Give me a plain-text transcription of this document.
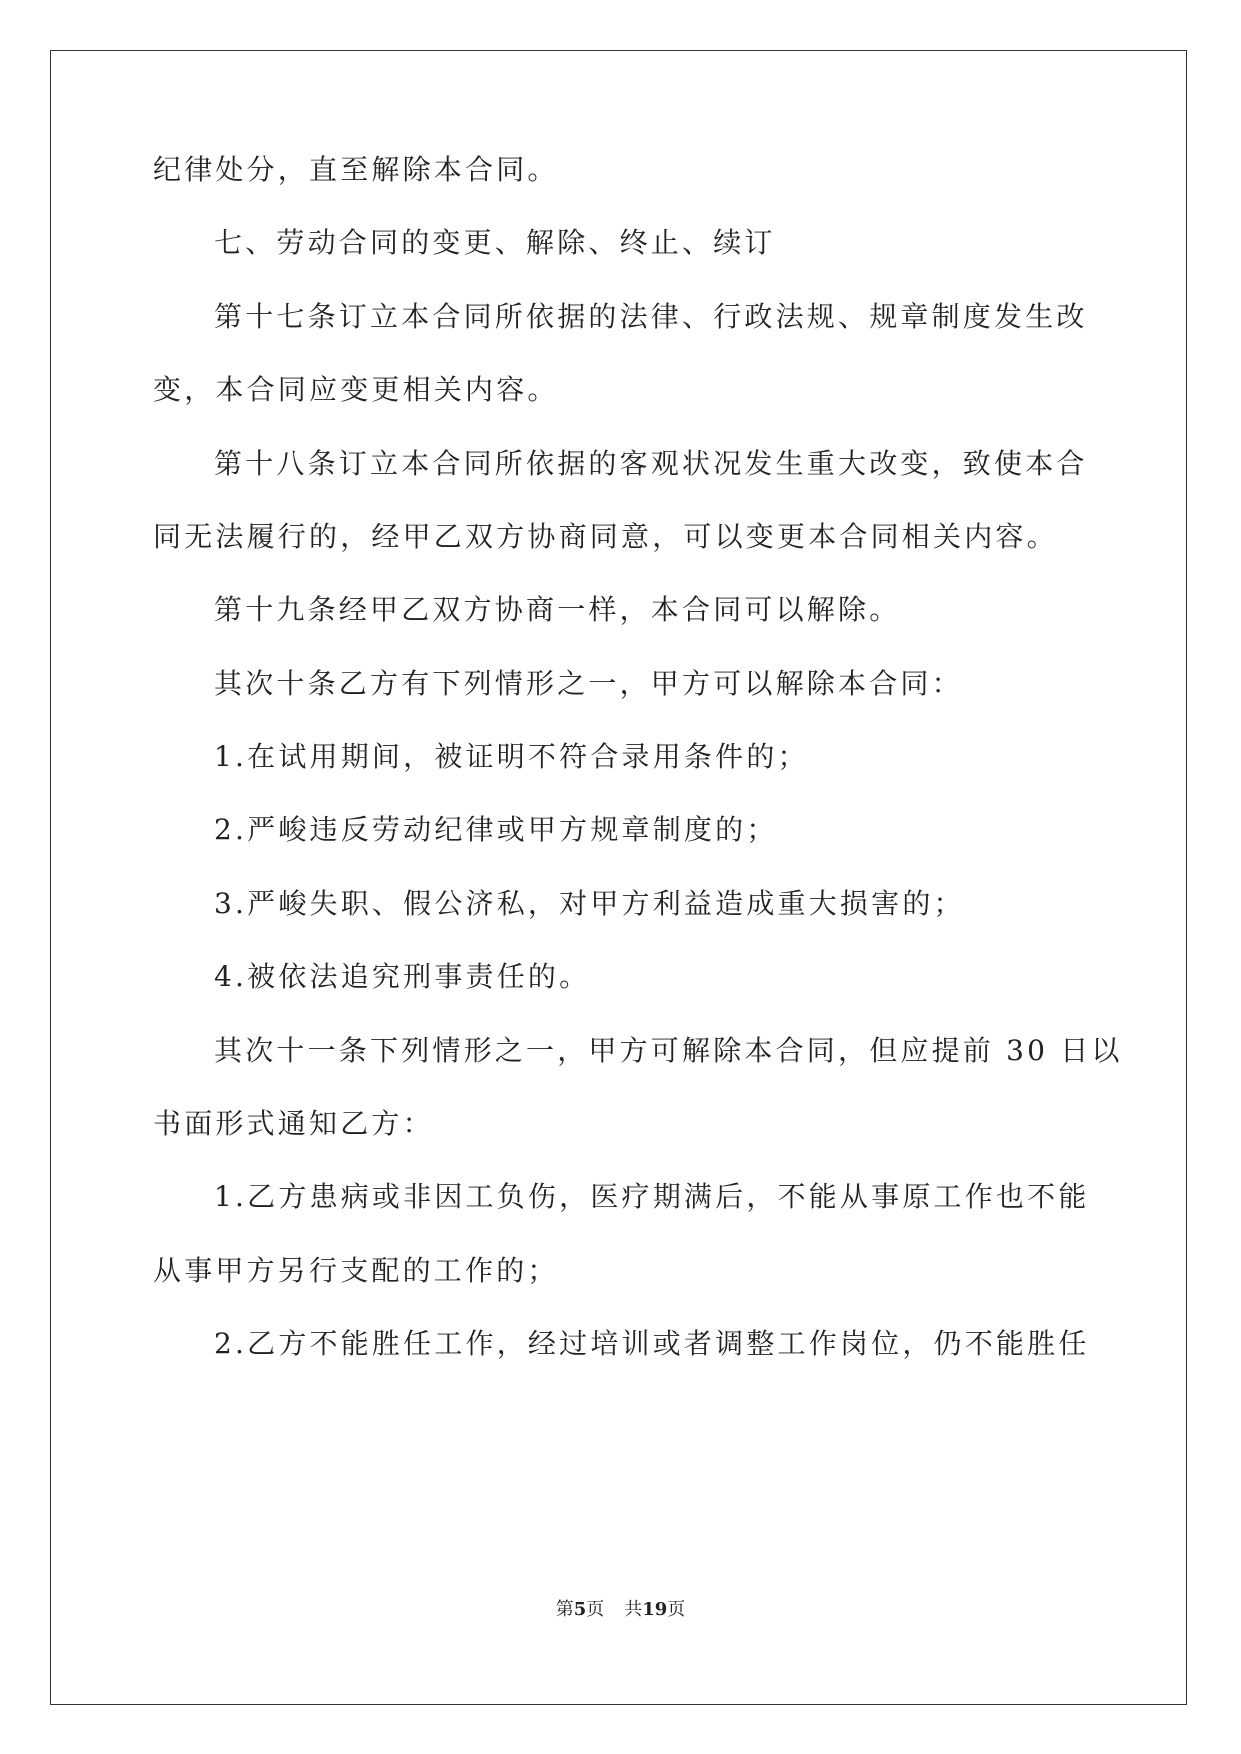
纪律处分，直至解除本合同。
七、劳动合同的变更、解除、终止、续订
第十七条订立本合同所依据的法律、行政法规、规章制度发生改
变，本合同应变更相关内容。
第十八条订立本合同所依据的客观状况发生重大改变，致使本合
同无法履行的，经甲乙双方协商同意，可以变更本合同相关内容。
第十九条经甲乙双方协商一样，本合同可以解除。
其次十条乙方有下列情形之一，甲方可以解除本合同：
1.在试用期间，被证明不符合录用条件的；
2.严峻违反劳动纪律或甲方规章制度的；
3.严峻失职、假公济私，对甲方利益造成重大损害的；
4.被依法追究刑事责任的。
其次十一条下列情形之一，甲方可解除本合同，但应提前 30 日以
书面形式通知乙方：
1.乙方患病或非因工负伤，医疗期满后，不能从事原工作也不能
从事甲方另行支配的工作的；
2.乙方不能胜任工作，经过培训或者调整工作岗位，仍不能胜任
第5页 共19页
